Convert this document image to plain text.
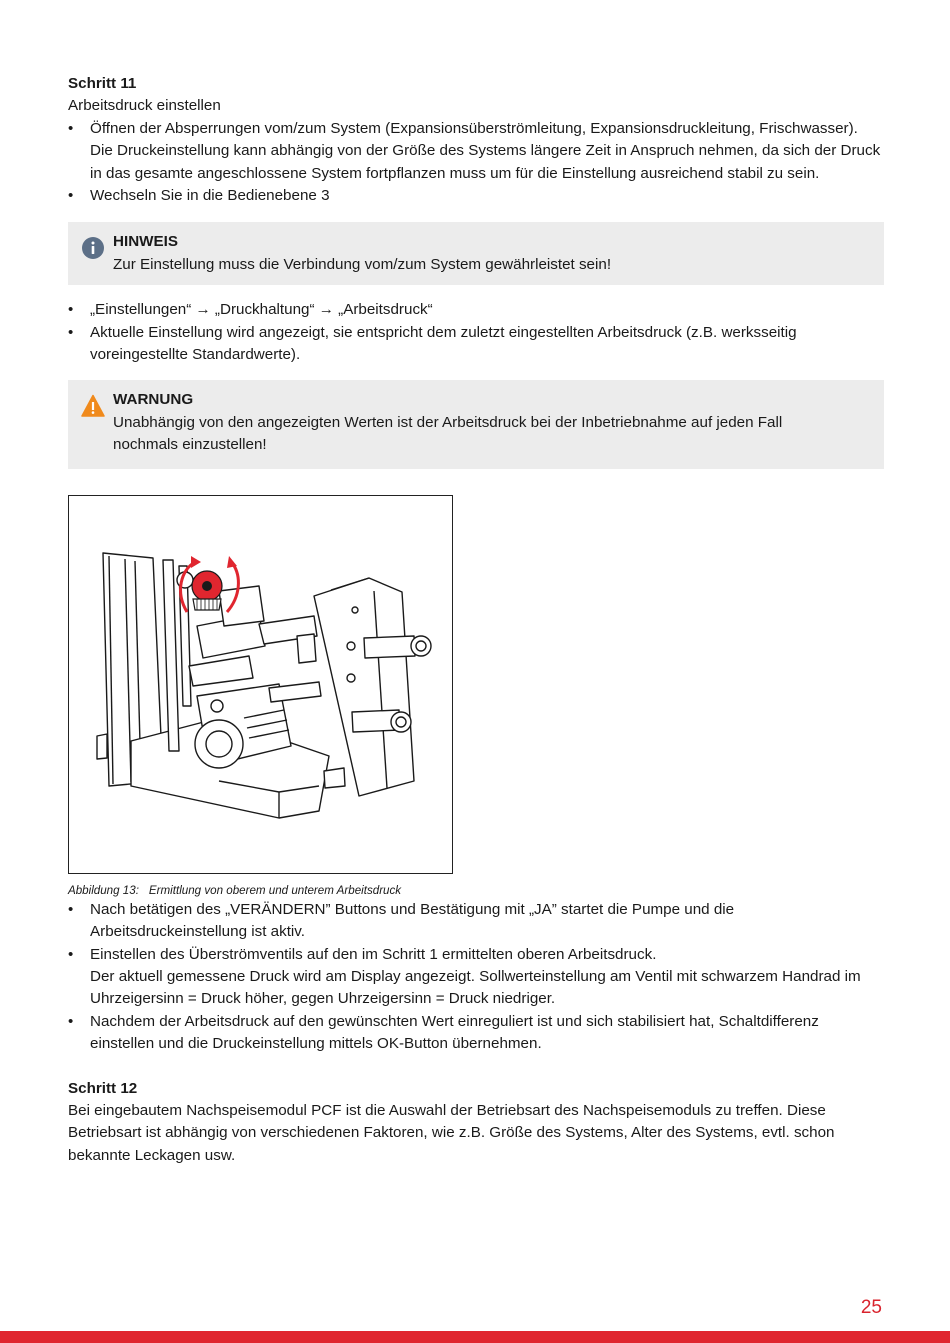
Schritt 11
Arbeitsdruck einstellen
• Öffnen der Absperrungen vom/zum System (Expansionsüberströmleitung, Expansionsdruckleitung, Frischwasser). Die Druckeinstellung kann abhängig von der Größe des Systems längere Zeit in Anspruch nehmen, da sich der Druck in das gesamte angeschlossene System fortpflanzen muss um für die Einstellung ausreichend stabil zu sein.
• Wechseln Sie in die Bedienebene 3
HINWEIS
Zur Einstellung muss die Verbindung vom/zum System gewährleistet sein!
• „Einstellungen“ → „Druckhaltung“ → „Arbeitsdruck“
• Aktuelle Einstellung wird angezeigt, sie entspricht dem zuletzt eingestellten Arbeitsdruck (z.B. werksseitig voreingestellte Standardwerte).
WARNUNG
Unabhängig von den angezeigten Werten ist der Arbeitsdruck bei der Inbetriebnahme auf jeden Fall nochmals einzustellen!
Abbildung 13: Ermittlung von oberem und unterem Arbeitsdruck
• Nach betätigen des „VERÄNDERN” Buttons und Bestätigung mit „JA” startet die Pumpe und die Arbeitsdruckeinstellung ist aktiv.
• Einstellen des Überströmventils auf den im Schritt 1 ermittelten oberen Arbeitsdruck.
Der aktuell gemessene Druck wird am Display angezeigt. Sollwerteinstellung am Ventil mit schwarzem Handrad im Uhrzeigersinn = Druck höher, gegen Uhrzeigersinn = Druck niedriger.
• Nachdem der Arbeitsdruck auf den gewünschten Wert einreguliert ist und sich stabilisiert hat, Schaltdifferenz einstellen und die Druckeinstellung mittels OK-Button übernehmen.
Schritt 12
Bei eingebautem Nachspeisemodul PCF ist die Auswahl der Betriebsart des Nachspeisemoduls zu treffen. Diese Betriebsart ist abhängig von verschiedenen Faktoren, wie z.B. Größe des Systems, Alter des Systems, evtl. schon bekannte Leckagen usw.
25
